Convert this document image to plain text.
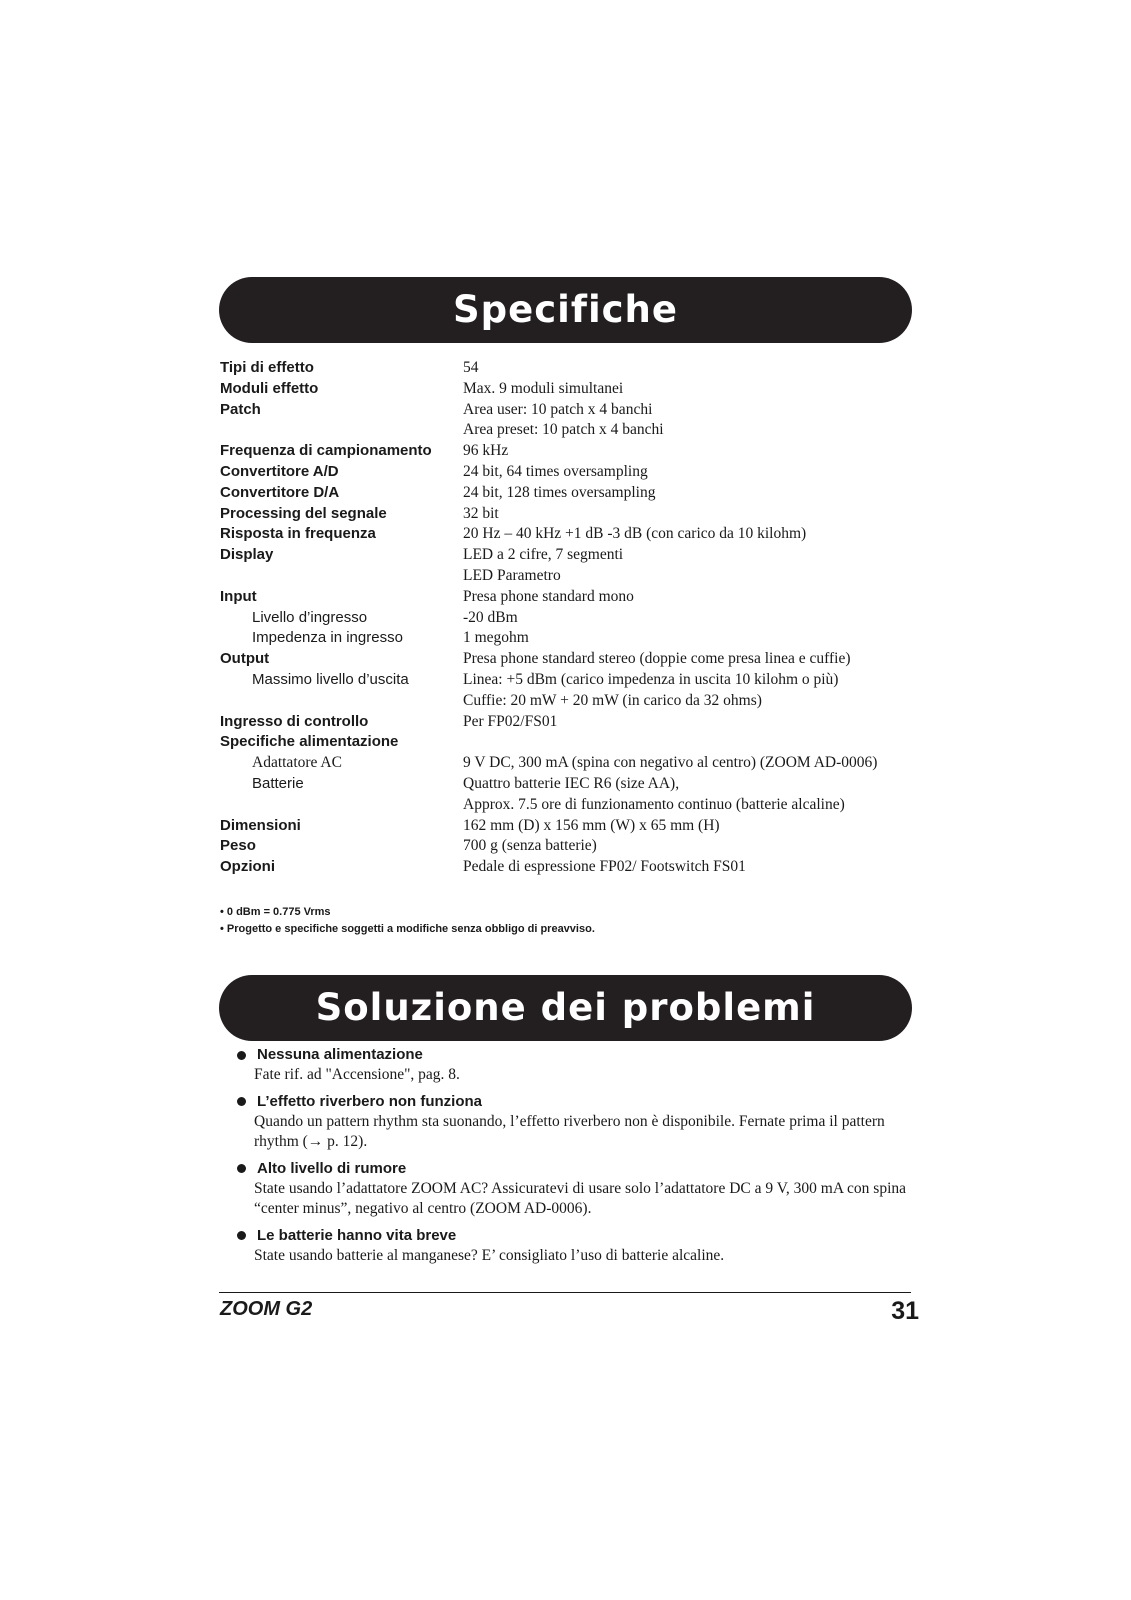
Specifiche
Tipi di effetto	54
Moduli effetto	Max. 9 moduli simultanei
Patch	Area user: 10 patch x 4 banchi
Area preset: 10 patch x 4 banchi
Frequenza di campionamento	96 kHz
Convertitore A/D	24 bit, 64 times oversampling
Convertitore D/A	24 bit, 128 times oversampling
Processing del segnale	32 bit
Risposta in frequenza	20 Hz – 40 kHz +1 dB -3 dB (con carico da 10 kilohm)
Display	LED a 2 cifre, 7 segmenti
LED Parametro
Input	Presa phone standard mono
Livello d’ingresso	-20 dBm
Impedenza in ingresso	1 megohm
Output	Presa phone standard stereo (doppie come presa linea e cuffie)
Massimo livello d’uscita	Linea: +5 dBm (carico impedenza in uscita 10 kilohm o più)
Cuffie: 20 mW + 20 mW (in carico da 32 ohms)
Ingresso di controllo	Per FP02/FS01
Specifiche alimentazione
Adattatore AC	9 V DC, 300 mA (spina con negativo al centro) (ZOOM AD-0006)
Batterie	Quattro batterie IEC R6 (size AA),
Approx. 7.5 ore di funzionamento continuo (batterie alcaline)
Dimensioni	162 mm (D) x 156 mm (W) x 65 mm (H)
Peso	700 g (senza batterie)
Opzioni	Pedale di espressione FP02/ Footswitch FS01
• 0 dBm = 0.775 Vrms
• Progetto e specifiche soggetti a modifiche senza obbligo di preavviso.
Soluzione dei problemi
Nessuna alimentazione
Fate rif. ad "Accensione", pag. 8.
L’effetto riverbero non funziona
Quando un pattern rhythm sta suonando, l’effetto riverbero non è disponibile. Fernate prima il pattern rhythm (→ p. 12).
Alto livello di rumore
State usando l’adattatore ZOOM AC? Assicuratevi di usare solo l’adattatore DC a 9 V, 300 mA con spina “center minus”, negativo al centro (ZOOM AD-0006).
Le batterie hanno vita breve
State usando batterie al manganese? E’ consigliato l’uso di batterie alcaline.
ZOOM G2	31
